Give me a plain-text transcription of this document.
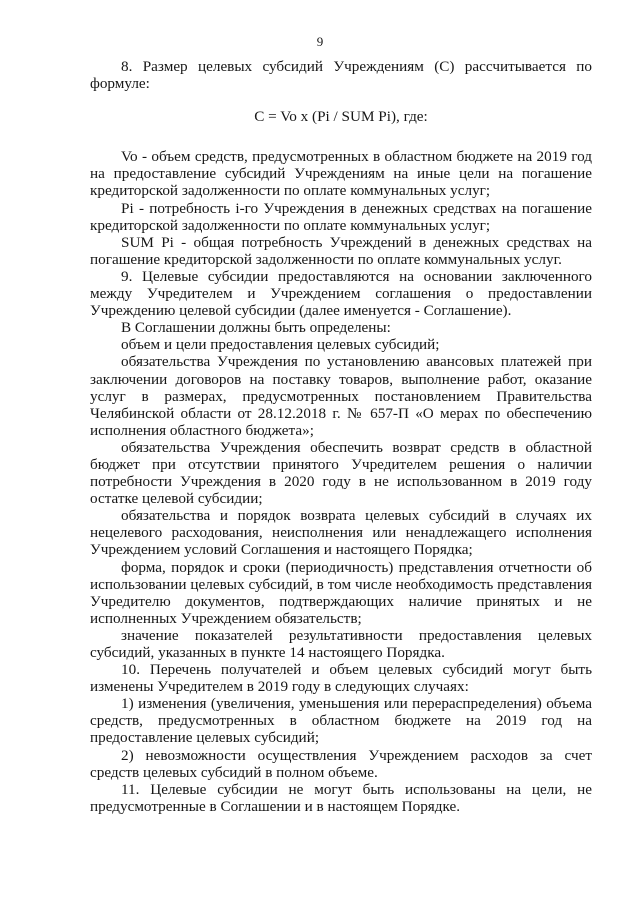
9

8. Размер целевых субсидий Учреждениям (С) рассчитывается по формуле:

C = Vo x (Pi / SUM Pi), где:

Vo - объем средств, предусмотренных в областном бюджете на 2019 год на предоставление субсидий Учреждениям на иные цели на погашение кредиторской задолженности по оплате коммунальных услуг;

Pi - потребность i-го Учреждения в денежных средствах на погашение кредиторской задолженности по оплате коммунальных услуг;

SUM Pi - общая потребность Учреждений в денежных средствах на погашение кредиторской задолженности по оплате коммунальных услуг.

9. Целевые субсидии предоставляются на основании заключенного между Учредителем и Учреждением соглашения о предоставлении Учреждению целевой субсидии (далее именуется - Соглашение).

В Соглашении должны быть определены:

объем и цели предоставления целевых субсидий;

обязательства Учреждения по установлению авансовых платежей при заключении договоров на поставку товаров, выполнение работ, оказание услуг в размерах, предусмотренных постановлением Правительства Челябинской области от 28.12.2018 г. № 657-П «О мерах по обеспечению исполнения областного бюджета»;

обязательства Учреждения обеспечить возврат средств в областной бюджет при отсутствии принятого Учредителем решения о наличии потребности Учреждения в 2020 году в не использованном в 2019 году остатке целевой субсидии;

обязательства и порядок возврата целевых субсидий в случаях их нецелевого расходования, неисполнения или ненадлежащего исполнения Учреждением условий Соглашения и настоящего Порядка;

форма, порядок и сроки (периодичность) представления отчетности об использовании целевых субсидий, в том числе необходимость представления Учредителю документов, подтверждающих наличие принятых и не исполненных Учреждением обязательств;

значение показателей результативности предоставления целевых субсидий, указанных в пункте 14 настоящего Порядка.

10. Перечень получателей и объем целевых субсидий могут быть изменены Учредителем в 2019 году в следующих случаях:

1) изменения (увеличения, уменьшения или перераспределения) объема средств, предусмотренных в областном бюджете на 2019 год на предоставление целевых субсидий;

2) невозможности осуществления Учреждением расходов за счет средств целевых субсидий в полном объеме.

11. Целевые субсидии не могут быть использованы на цели, не предусмотренные в Соглашении и в настоящем Порядке.
